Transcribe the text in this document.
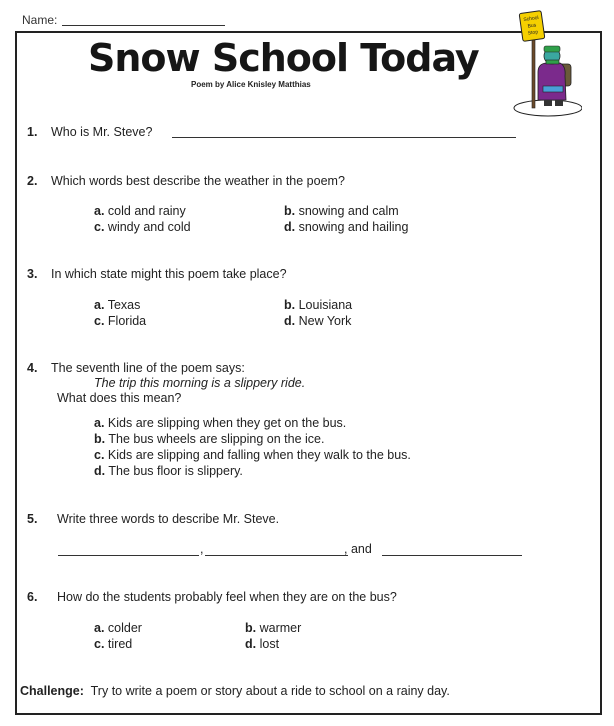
Name:
Snow School Today
Poem by Alice Knisley Matthias
School
Bus
Stop
1. Who is Mr. Steve?
2. Which words best describe the weather in the poem?
a. cold and rainy	b. snowing and calm
c. windy and cold	d. snowing and hailing
3. In which state might this poem take place?
a. Texas	b. Louisiana
c. Florida	d. New York
4. The seventh line of the poem says:
The trip this morning is a slippery ride.
What does this mean?
a. Kids are slipping when they get on the bus.
b. The bus wheels are slipping on the ice.
c. Kids are slipping and falling when they walk to the bus.
d. The bus floor is slippery.
5. Write three words to describe Mr. Steve.
,	, and
6. How do the students probably feel when they are on the bus?
a. colder	b. warmer
c. tired	d. lost
Challenge: Try to write a poem or story about a ride to school on a rainy day.
